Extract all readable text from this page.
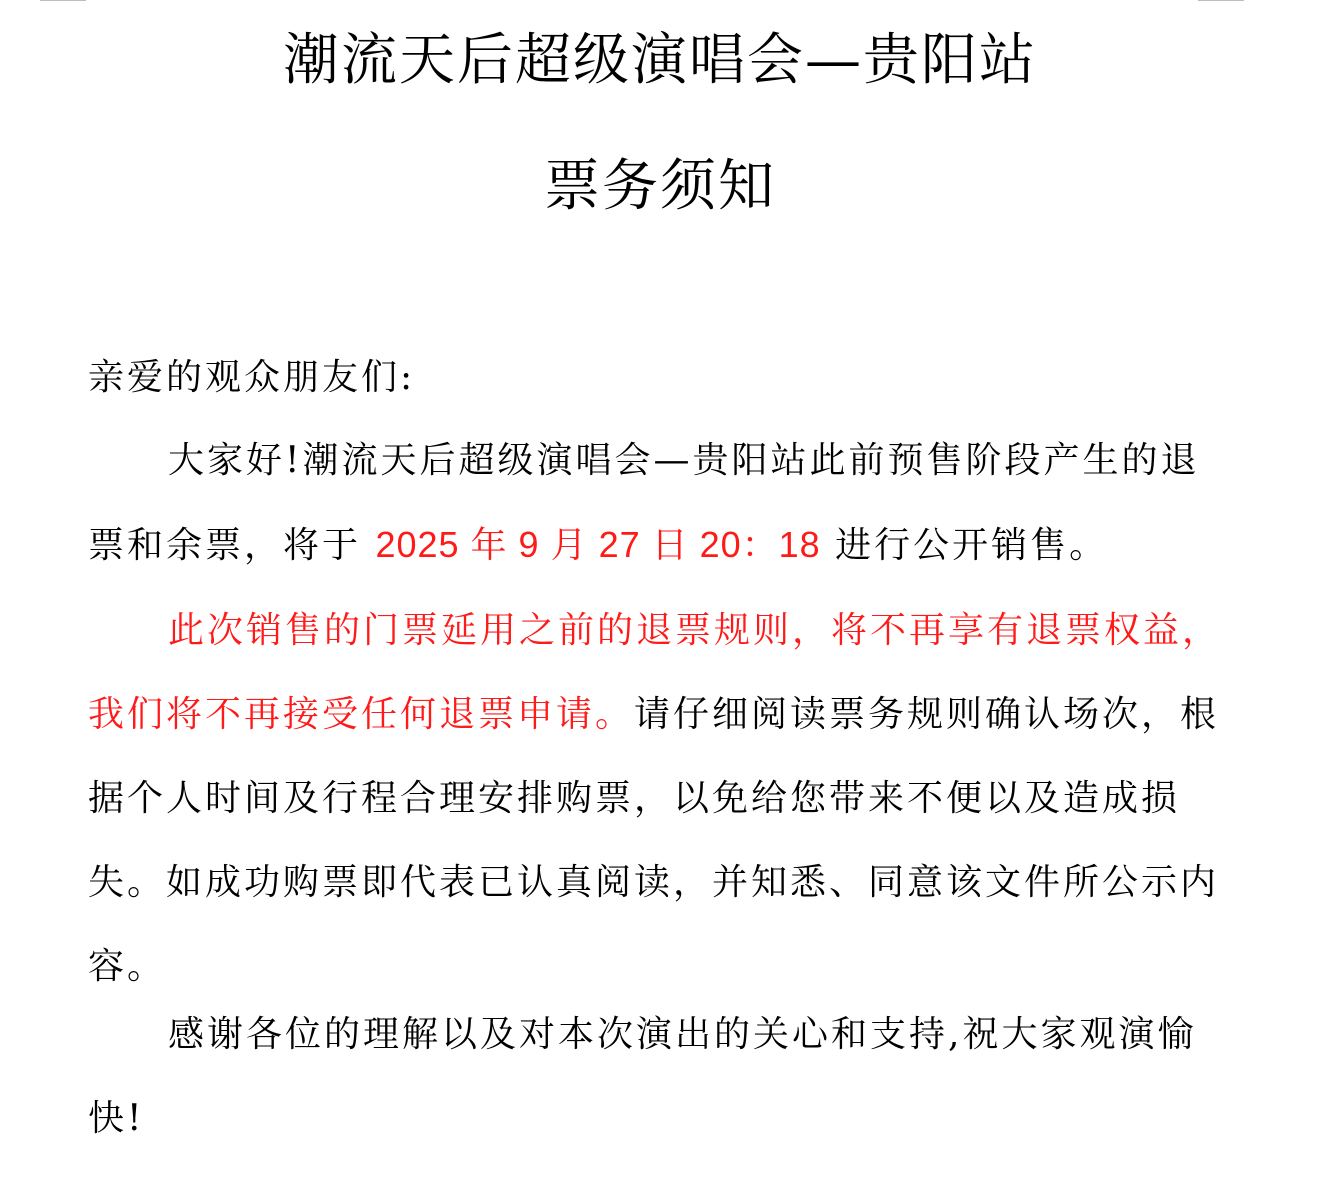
潮流天后超级演唱会—贵阳站
票务须知
亲爱的观众朋友们:
大家好!潮流天后超级演唱会—贵阳站此前预售阶段产生的退票和余票，将于 2025 年 9 月 27 日 20：18 进行公开销售。
此次销售的门票延用之前的退票规则，将不再享有退票权益，我们将不再接受任何退票申请。请仔细阅读票务规则确认场次，根据个人时间及行程合理安排购票，以免给您带来不便以及造成损失。如成功购票即代表已认真阅读，并知悉、同意该文件所公示内容。
感谢各位的理解以及对本次演出的关心和支持,祝大家观演愉快!
